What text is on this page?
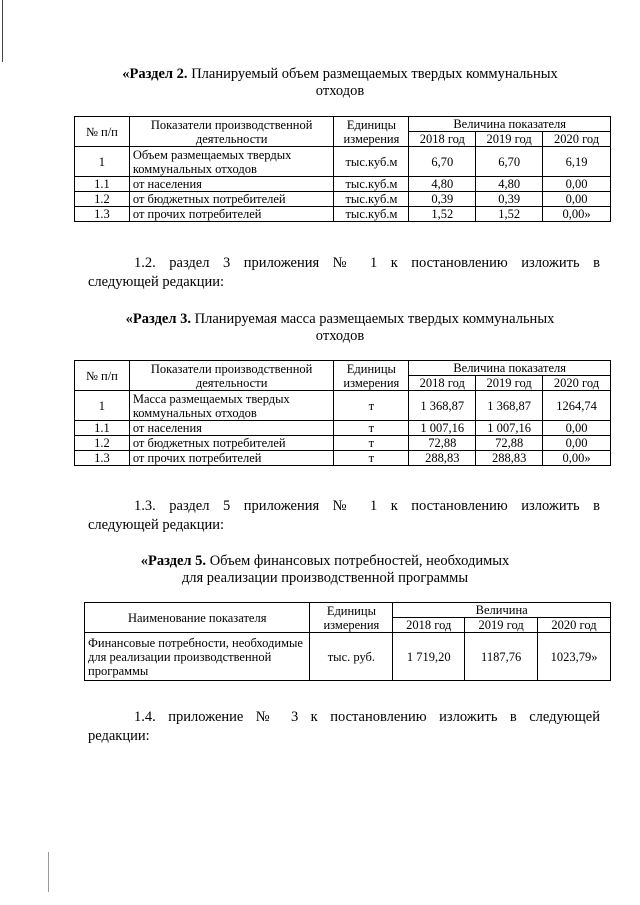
«Раздел 2. Планируемый объем размещаемых твердых коммунальных
отходов
№ п/п	Показатели производственной деятельности	Единицы измерения	Величина показателя		
			2018 год	2019 год	2020 год
1	Объем размещаемых твердых коммунальных отходов	тыс.куб.м	6,70	6,70	6,19
1.1	от населения	тыс.куб.м	4,80	4,80	0,00
1.2	от бюджетных потребителей	тыс.куб.м	0,39	0,39	0,00
1.3	от прочих потребителей	тыс.куб.м	1,52	1,52	0,00»
1.2. раздел 3 приложения № 1 к постановлению изложить в
следующей редакции:
«Раздел 3. Планируемая масса размещаемых твердых коммунальных
отходов
№ п/п	Показатели производственной деятельности	Единицы измерения	Величина показателя		
			2018 год	2019 год	2020 год
1	Масса размещаемых твердых коммунальных отходов	т	1 368,87	1 368,87	1264,74
1.1	от населения	т	1 007,16	1 007,16	0,00
1.2	от бюджетных потребителей	т	72,88	72,88	0,00
1.3	от прочих потребителей	т	288,83	288,83	0,00»
1.3. раздел 5 приложения № 1 к постановлению изложить в
следующей редакции:
«Раздел 5. Объем финансовых потребностей, необходимых
для реализации производственной программы
Наименование показателя	Единицы измерения	Величина		
		2018 год	2019 год	2020 год
Финансовые потребности, необходимые для реализации производственной программы	тыс. руб.	1 719,20	1187,76	1023,79»
1.4. приложение № 3 к постановлению изложить в следующей
редакции:
